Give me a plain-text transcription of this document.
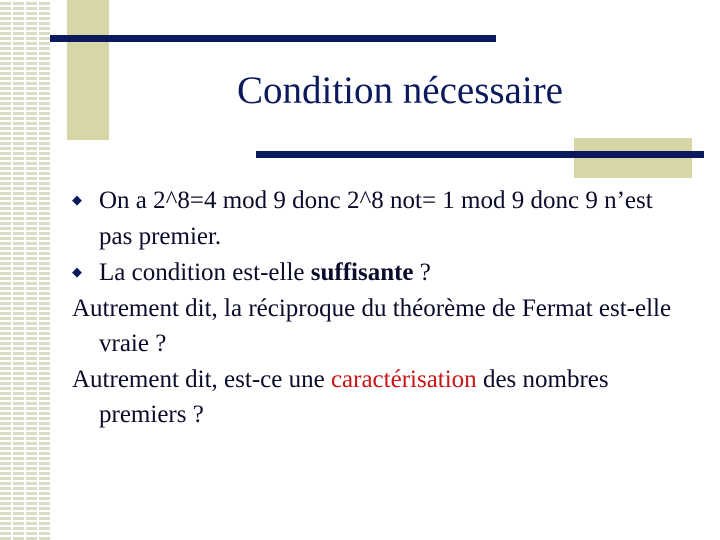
Condition nécessaire

◆On a 2^8=4 mod 9 donc 2^8 not= 1 mod 9 donc 9 n’est pas premier.

◆La condition est-elle suffisante ?

Autrement dit, la réciproque du théorème de Fermat est-elle vraie ?

Autrement dit, est-ce une caractérisation des nombres premiers ?
